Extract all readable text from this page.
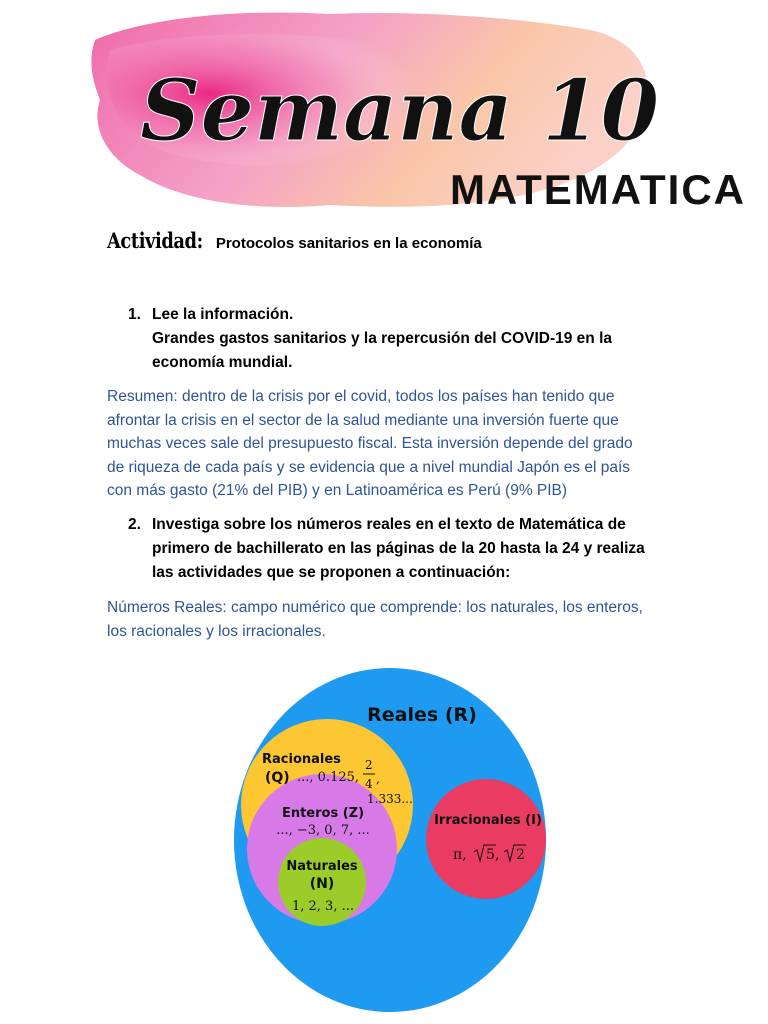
Semana 10
MATEMATICA
Actividad: Protocolos sanitarios en la economía
1. Lee la información.
Grandes gastos sanitarios y la repercusión del COVID-19 en la
economía mundial.
Resumen: dentro de la crisis por el covid, todos los países han tenido que
afrontar la crisis en el sector de la salud mediante una inversión fuerte que
muchas veces sale del presupuesto fiscal. Esta inversión depende del grado
de riqueza de cada país y se evidencia que a nivel mundial Japón es el país
con más gasto (21% del PIB) y en Latinoamérica es Perú (9% PIB)
2. Investiga sobre los números reales en el texto de Matemática de
primero de bachillerato en las páginas de la 20 hasta la 24 y realiza
las actividades que se proponen a continuación:
Números Reales: campo numérico que comprende: los naturales, los enteros,
los racionales y los irracionales.
Reales (R)
Racionales
(Q) ..., 0.125,
2
4 ,
1.333...
Enteros (Z)
..., −3, 0, 7, ...
Naturales
(N)
1, 2, 3, ...
Irracionales (I)
π, 5 , 2
